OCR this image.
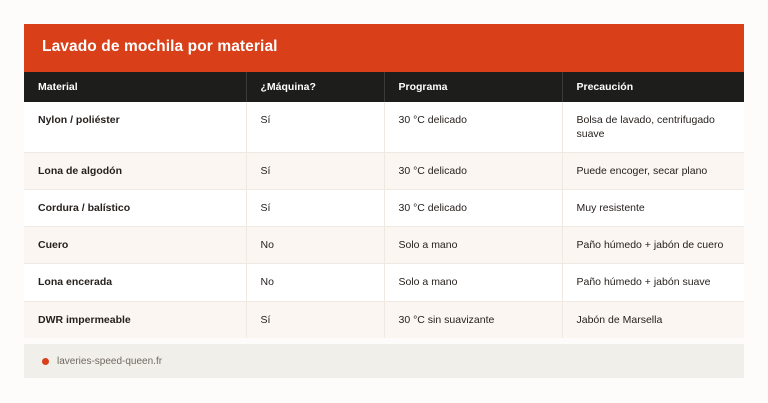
Lavado de mochila por material
Material	¿Máquina?	Programa	Precaución
Nylon / poliéster	Sí	30 °C delicado	Bolsa de lavado, centrifugado suave
Lona de algodón	Sí	30 °C delicado	Puede encoger, secar plano
Cordura / balístico	Sí	30 °C delicado	Muy resistente
Cuero	No	Solo a mano	Paño húmedo + jabón de cuero
Lona encerada	No	Solo a mano	Paño húmedo + jabón suave
DWR impermeable	Sí	30 °C sin suavizante	Jabón de Marsella
laveries-speed-queen.fr
